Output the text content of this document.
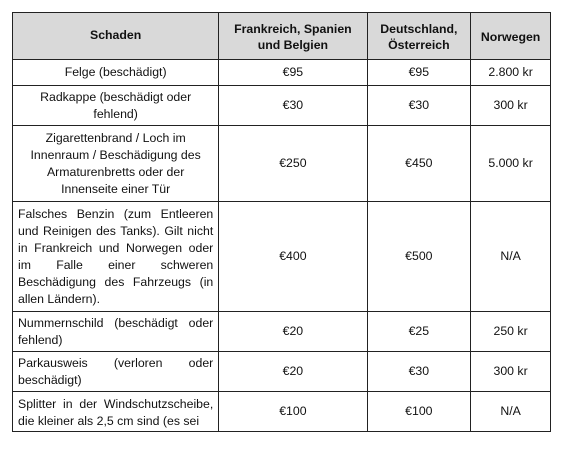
Schaden	Frankreich, Spanien und Belgien	Deutschland, Österreich	Norwegen
Felge (beschädigt)	€95	€95	2.800 kr
Radkappe (beschädigt oder fehlend)	€30	€30	300 kr
Zigarettenbrand / Loch im Innenraum / Beschädigung des Armaturenbretts oder der Innenseite einer Tür	€250	€450	5.000 kr
Falsches Benzin (zum Entleeren und Reinigen des Tanks). Gilt nicht in Frankreich und Norwegen oder im Falle einer schweren Beschädigung des Fahrzeugs (in allen Ländern).	€400	€500	N/A
Nummernschild (beschädigt oder fehlend)	€20	€25	250 kr
Parkausweis (verloren oder beschädigt)	€20	€30	300 kr

Splitter in der Windschutzscheibe, die kleiner als 2,5 cm sind (es sei	€100	€100	N/A
